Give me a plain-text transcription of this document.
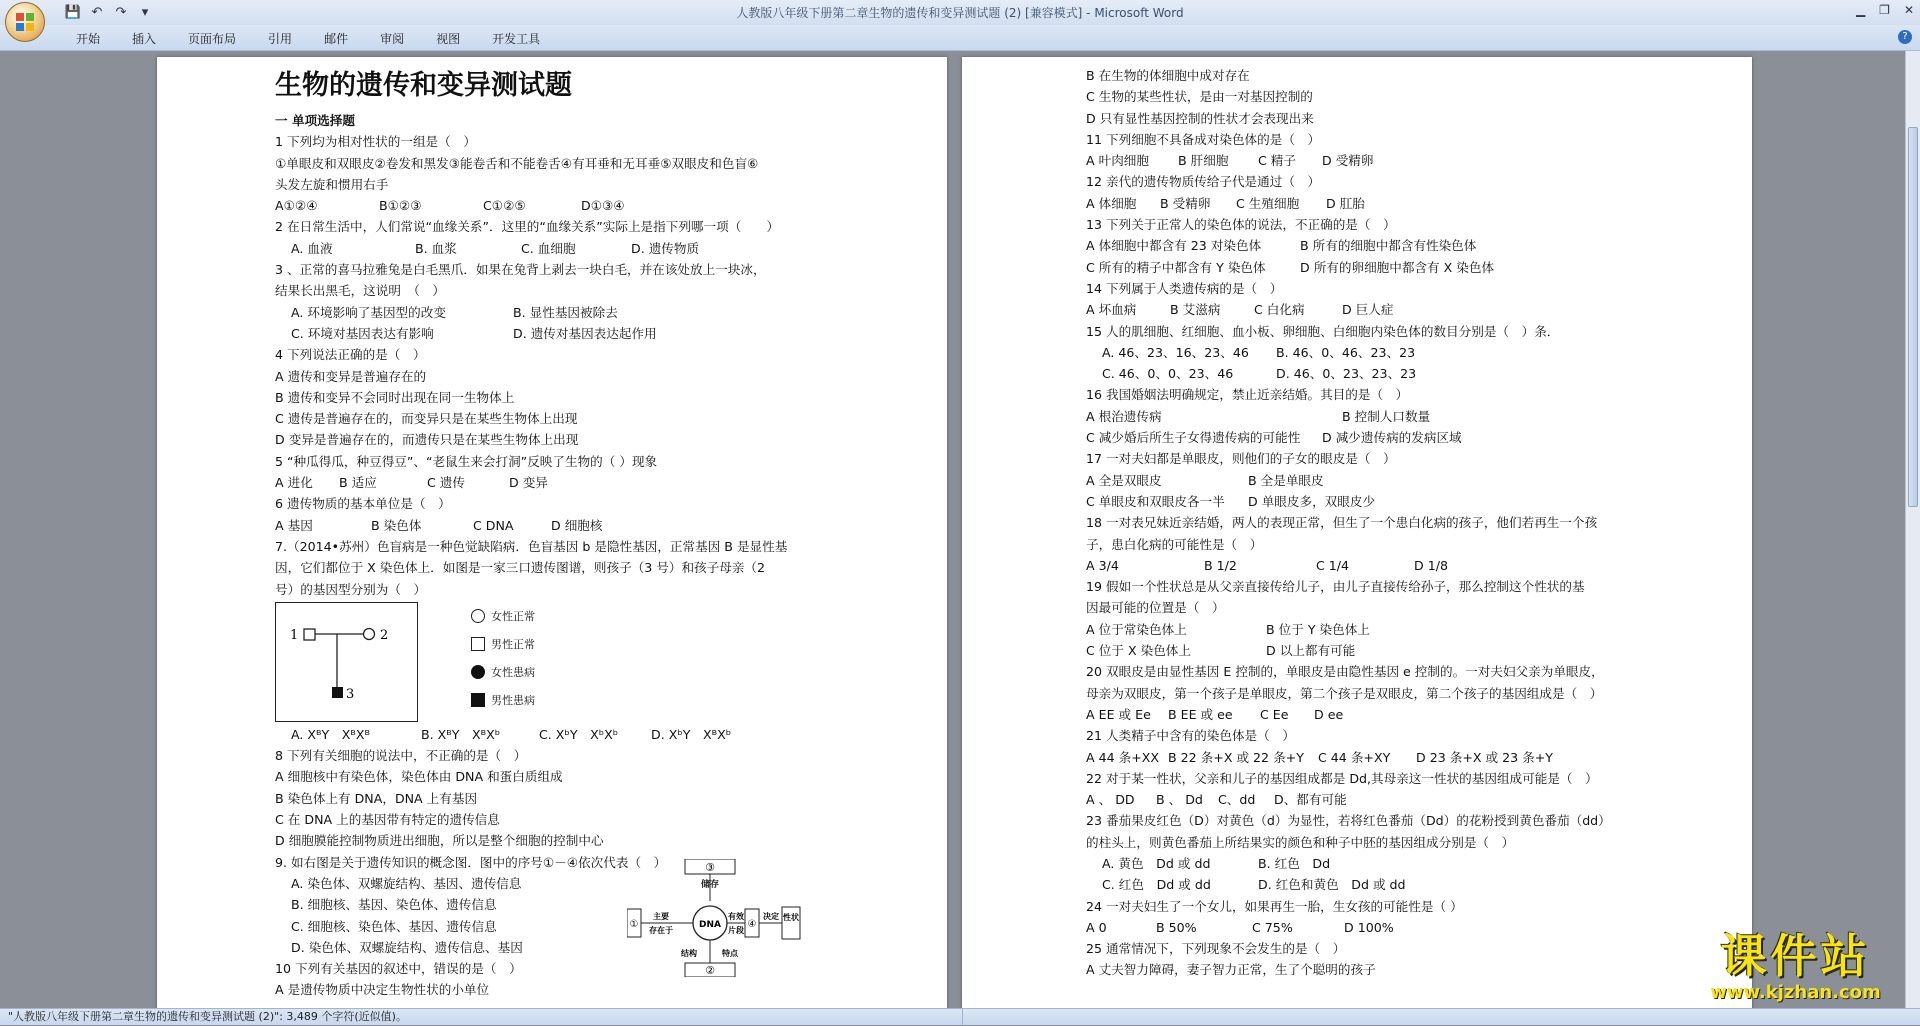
💾 ↶ ↷	▾	人教版八年级下册第二章生物的遗传和变异测试题 (2) [兼容模式] - Microsoft Word	▁ ❐ ✕
开始	插入	页面布局	引用	邮件	审阅	视图	开发工具	?
生物的遗传和变异测试题
一 单项选择题
1 下列均为相对性状的一组是（　）
①单眼皮和双眼皮②卷发和黑发③能卷舌和不能卷舌④有耳垂和无耳垂⑤双眼皮和色盲⑥
头发左旋和惯用右手
A①②④	B①②③	C①②⑤	D①③④
2 在日常生活中，人们常说“血缘关系”．这里的“血缘关系”实际上是指下列哪一项（　　）
A. 血液	B. 血浆	C. 血细胞	D. 遗传物质
3 、正常的喜马拉雅兔是白毛黑爪．如果在兔背上剥去一块白毛，并在该处放上一块冰，
结果长出黑毛，这说明　（　）
A. 环境影响了基因型的改变	B. 显性基因被除去
C. 环境对基因表达有影响	D. 遗传对基因表达起作用
4 下列说法正确的是（　）
A 遗传和变异是普遍存在的
B 遗传和变异不会同时出现在同一生物体上
C 遗传是普遍存在的，而变异只是在某些生物体上出现
D 变异是普遍存在的，而遗传只是在某些生物体上出现
5 “种瓜得瓜，种豆得豆”、“老鼠生来会打洞”反映了生物的（ ）现象
A 进化	B 适应	C 遗传	D 变异
6 遗传物质的基本单位是（　）
A 基因	B 染色体	C DNA	D 细胞核
7.（2014•苏州）色盲病是一种色觉缺陷病．色盲基因 b 是隐性基因，正常基因 B 是显性基
因，它们都位于 X 染色体上．如图是一家三口遗传图谱，则孩子（3 号）和孩子母亲（2
号）的基因型分别为（　）
1	2
3
女性正常
男性正常
女性患病
男性患病
A. XᴮY　XᴮXᴮ	B. XᴮY　XᴮXᵇ	C. XᵇY　XᵇXᵇ	D. XᵇY　XᴮXᵇ
8 下列有关细胞的说法中，不正确的是（　）
A 细胞核中有染色体，染色体由 DNA 和蛋白质组成
B 染色体上有 DNA，DNA 上有基因
C 在 DNA 上的基因带有特定的遗传信息
D 细胞膜能控制物质进出细胞，所以是整个细胞的控制中心
9. 如右图是关于遗传知识的概念图．图中的序号①－④依次代表（　）
A. 染色体、双螺旋结构、基因、遗传信息
B. 细胞核、基因、染色体、遗传信息
C. 细胞核、染色体、基因、遗传信息
D. 染色体、双螺旋结构、遗传信息、基因
③
储存
①
主要
存在于
DNA
有效
片段
④
决定 性状
结构	特点
②
10 下列有关基因的叙述中，错误的是（　）
A 是遗传物质中决定生物性状的小单位
B 在生物的体细胞中成对存在
C 生物的某些性状，是由一对基因控制的
D 只有显性基因控制的性状才会表现出来
11 下列细胞不具备成对染色体的是（　）
A 叶肉细胞	B 肝细胞	C 精子	D 受精卵
12 亲代的遗传物质传给子代是通过（　）
A 体细胞	B 受精卵	C 生殖细胞	D 肛胎
13 下列关于正常人的染色体的说法，不正确的是（　）
A 体细胞中都含有 23 对染色体	B 所有的细胞中都含有性染色体
C 所有的精子中都含有 Y 染色体	D 所有的卵细胞中都含有 X 染色体
14 下列属于人类遗传病的是（　）
A 坏血病	B 艾滋病	C 白化病	D 巨人症
15 人的肌细胞、红细胞、血小板、卵细胞、白细胞内染色体的数目分别是（　）条．
A. 46、23、16、23、46	B. 46、0、46、23、23
C. 46、0、0、23、46	D. 46、0、23、23、23
16 我国婚姻法明确规定，禁止近亲结婚。其目的是（　）
A 根治遗传病	B 控制人口数量
C 减少婚后所生子女得遗传病的可能性	D 减少遗传病的发病区域
17 一对夫妇都是单眼皮，则他们的子女的眼皮是（　）
A 全是双眼皮	B 全是单眼皮
C 单眼皮和双眼皮各一半	D 单眼皮多，双眼皮少
18 一对表兄妹近亲结婚，两人的表现正常，但生了一个患白化病的孩子，他们若再生一个孩
子，患白化病的可能性是（　）
A 3/4	B 1/2	C 1/4	D 1/8
19 假如一个性状总是从父亲直接传给儿子，由儿子直接传给孙子，那么控制这个性状的基
因最可能的位置是（　）
A 位于常染色体上	B 位于 Y 染色体上
C 位于 X 染色体上	D 以上都有可能
20 双眼皮是由显性基因 E 控制的，单眼皮是由隐性基因 e 控制的。一对夫妇父亲为单眼皮，
母亲为双眼皮，第一个孩子是单眼皮，第二个孩子是双眼皮，第二个孩子的基因组成是（　）
A EE 或 Ee	B EE 或 ee	C Ee	D ee
21 人类精子中含有的染色体是（　）
A 44 条+XX B 22 条+X 或 22 条+Y	C 44 条+XY	D 23 条+X 或 23 条+Y
22 对于某一性状，父亲和儿子的基因组成都是 Dd,其母亲这一性状的基因组成可能是（　）
A 、 DD	B 、 Dd	C、dd	D、都有可能
23 番茄果皮红色（D）对黄色（d）为显性，若将红色番茄（Dd）的花粉授到黄色番茄（dd）
的柱头上，则黄色番茄上所结果实的颜色和种子中胚的基因组成分别是（　）
A. 黄色　Dd 或 dd	B. 红色　Dd
C. 红色　Dd 或 dd	D. 红色和黄色　Dd 或 dd
24 一对夫妇生了一个女儿，如果再生一胎，生女孩的可能性是（ ）
A 0	B 50%	C 75%	D 100%
25 通常情况下，下列现象不会发生的是（　）
A 丈夫智力障碍，妻子智力正常，生了个聪明的孩子
"人教版八年级下册第二章生物的遗传和变异测试题 (2)": 3,489 个字符(近似值)。
课件站
www.kjzhan.com
